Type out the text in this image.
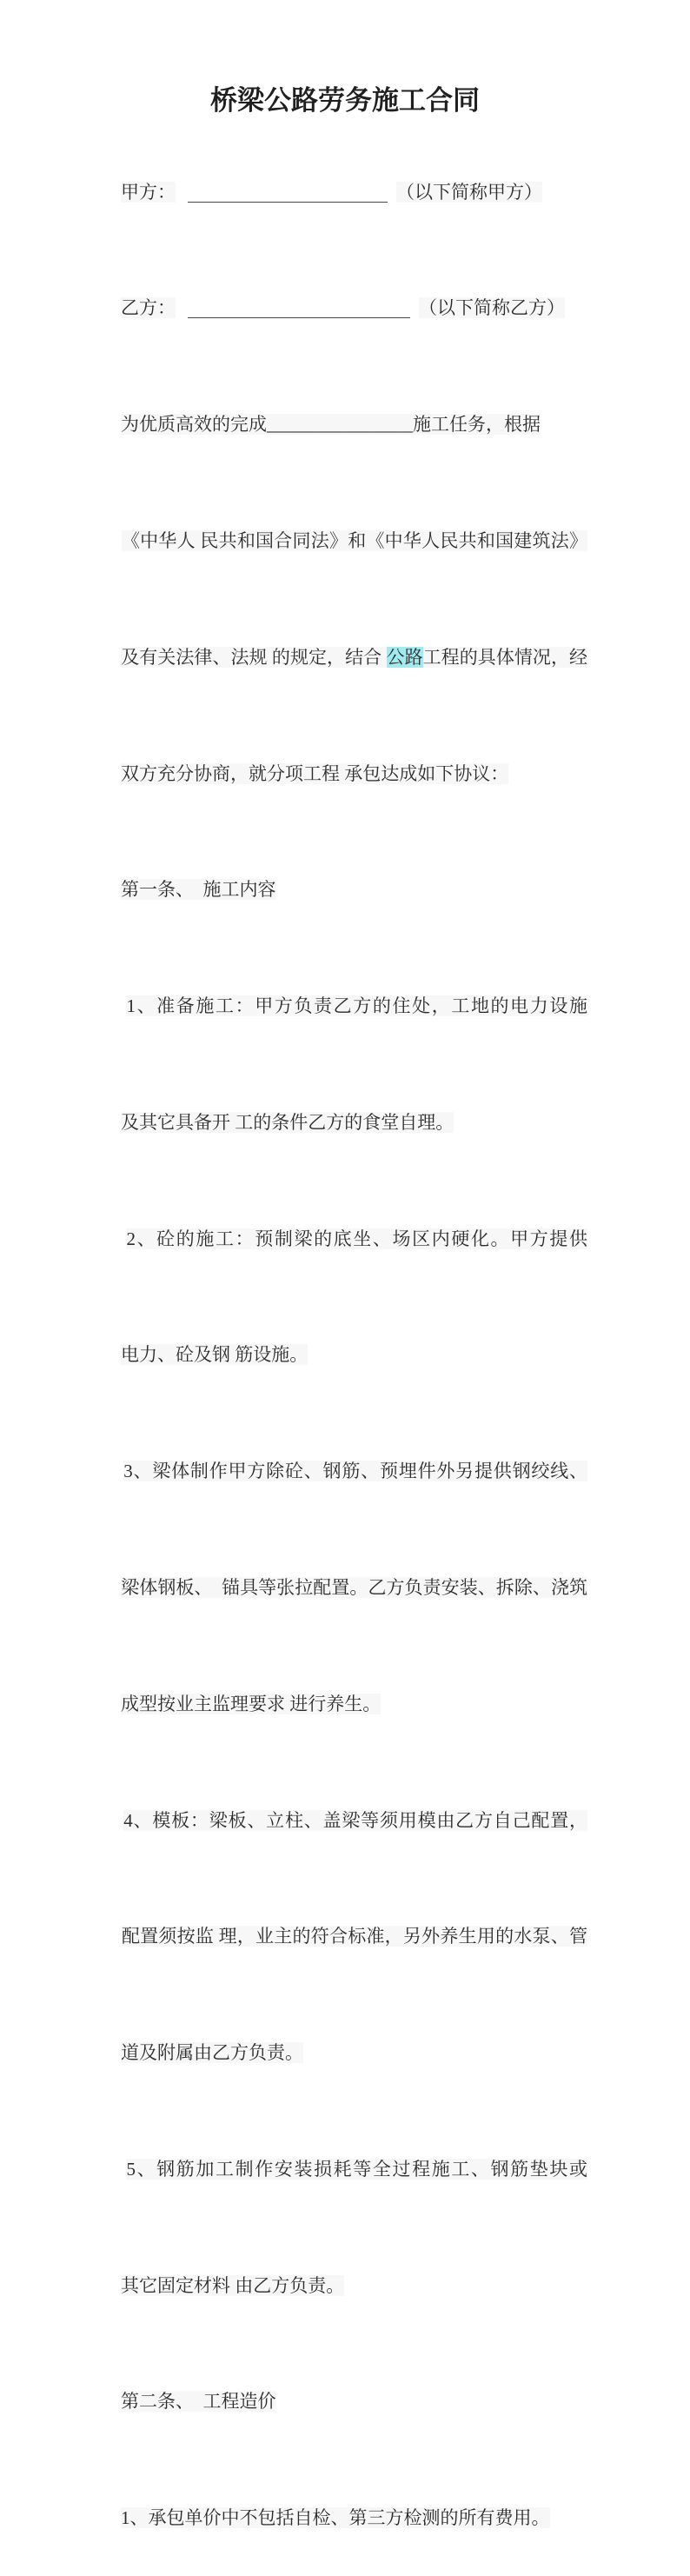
桥梁公路劳务施工合同

甲方：	（以下简称甲方）

乙方：	（以下简称乙方）

为优质高效的完成________________施工任务，根据

《中华人 民共和国合同法》和《中华人民共和国建筑法》

及有关法律、法规 的规定，结合 公路工程的具体情况，经

双方充分协商，就分项工程 承包达成如下协议：

第一条、　施工内容

1、准备施工：甲方负责乙方的住处，工地的电力设施

及其它具备开 工的条件乙方的食堂自理。

2、砼的施工：预制梁的底坐、场区内硬化。甲方提供

电力、砼及钢 筋设施。

3、梁体制作甲方除砼、钢筋、预埋件外另提供钢绞线、

梁体钢板、　锚具等张拉配置。乙方负责安装、拆除、浇筑

成型按业主监理要求 进行养生。

4、模板：梁板、立柱、盖梁等须用模由乙方自己配置，

配置须按监 理，业主的符合标准，另外养生用的水泵、管

道及附属由乙方负责。

5、钢筋加工制作安装损耗等全过程施工、钢筋垫块或

其它固定材料 由乙方负责。

第二条、　工程造价

1、承包单价中不包括自检、第三方检测的所有费用。
